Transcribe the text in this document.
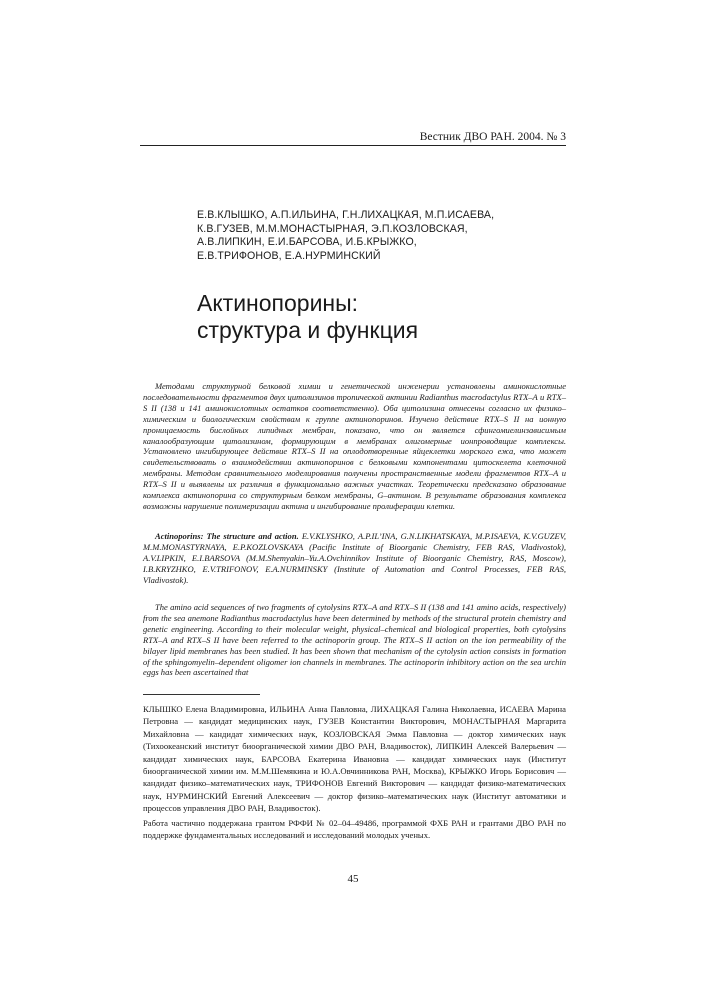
Вестник ДВО РАН. 2004. № 3
Е.В.КЛЫШКО, А.П.ИЛЬИНА, Г.Н.ЛИХАЦКАЯ, М.П.ИСАЕВА,
К.В.ГУЗЕВ, М.М.МОНАСТЫРНАЯ, Э.П.КОЗЛОВСКАЯ,
А.В.ЛИПКИН, Е.И.БАРСОВА, И.Б.КРЫЖКО,
Е.В.ТРИФОНОВ, Е.А.НУРМИНСКИЙ
Актинопорины:
структура и функция

Методами структурной белковой химии и генетической инженерии установлены аминокислотные последовательности фрагментов двух цитолизинов тропической актинии Radianthus macrodactylus RTX–A и RTX–S II (138 и 141 аминокислотных остатков соответственно). Оба цитолизина отнесены согласно их физико–химическим и биологическим свойствам к группе актинопоринов. Изучено действие RTX–S II на ионную проницаемость бислойных липидных мембран, показано, что он является сфингомиелинзависимым каналообразующим цитолизином, формирующим в мембранах олигомерные ионпроводящие комплексы. Установлено ингибирующее действие RTX–S II на оплодотворенные яйцеклетки морского ежа, что может свидетельствовать о взаимодействии актинопоринов с белковыми компонентами цитоскелета клеточной мембраны. Методом сравнительного моделирования получены пространственные модели фрагментов RTX–A и RTX–S II и выявлены их различия в функционально важных участках. Теоретически предсказано образование комплекса актинопорина со структурным белком мембраны, G–актином. В результате образования комплекса возможны нарушение полимеризации актина и ингибирование пролиферации клетки.

Actinoporins: The structure and action. E.V.KLYSHKO, A.P.IL’INA, G.N.LIKHATSKAYA, M.P.ISAEVA, K.V.GUZEV, M.M.MONASTYRNAYA, E.P.KOZLOVSKAYA (Pacific Institute of Bioorganic Chemistry, FEB RAS, Vladivostok), A.V.LIPKIN, E.I.BARSOVA (M.M.Shemyakin–Yu.A.Ovchinnikov Institute of Bioorganic Chemistry, RAS, Moscow), I.B.KRYZHKO, E.V.TRIFONOV, E.A.NURMINSKY (Institute of Automation and Control Processes, FEB RAS, Vladivostok).

The amino acid sequences of two fragments of cytolysins RTX–A and RTX–S II (138 and 141 amino acids, respectively) from the sea anemone Radianthus macrodactylus have been determined by methods of the structural protein chemistry and genetic engineering. According to their molecular weight, physical–chemical and biological properties, both cytolysins RTX–A and RTX–S II have been referred to the actinoporin group. The RTX–S II action on the ion permeability of the bilayer lipid membranes has been studied. It has been shown that mechanism of the cytolysin action consists in formation of the sphingomyelin–dependent oligomer ion channels in membranes. The actinoporin inhibitory action on the sea urchin eggs has been ascertained that

КЛЫШКО Елена Владимировна, ИЛЬИНА Анна Павловна, ЛИХАЦКАЯ Галина Николаевна, ИСАЕВА Марина Петровна — кандидат медицинских наук, ГУЗЕВ Константин Викторович, МОНАСТЫРНАЯ Маргарита Михайловна — кандидат химических наук, КОЗЛОВСКАЯ Эмма Павловна — доктор химических наук (Тихоокеанский институт биоорганической химии ДВО РАН, Владивосток), ЛИПКИН Алексей Валерьевич — кандидат химических наук, БАРСОВА Екатерина Ивановна — кандидат химических наук (Институт биоорганической химии им. М.М.Шемякина и Ю.А.Овчинникова РАН, Москва), КРЫЖКО Игорь Борисович — кандидат физико–математических наук, ТРИФОНОВ Евгений Викторович — кандидат физико-математических наук, НУРМИНСКИЙ Евгений Алексеевич — доктор физико–математических наук (Институт автоматики и процессов управления ДВО РАН, Владивосток).
Работа частично поддержана грантом РФФИ № 02–04–49486, программой ФХБ РАН и грантами ДВО РАН по поддержке фундаментальных исследований и исследований молодых ученых.
45
